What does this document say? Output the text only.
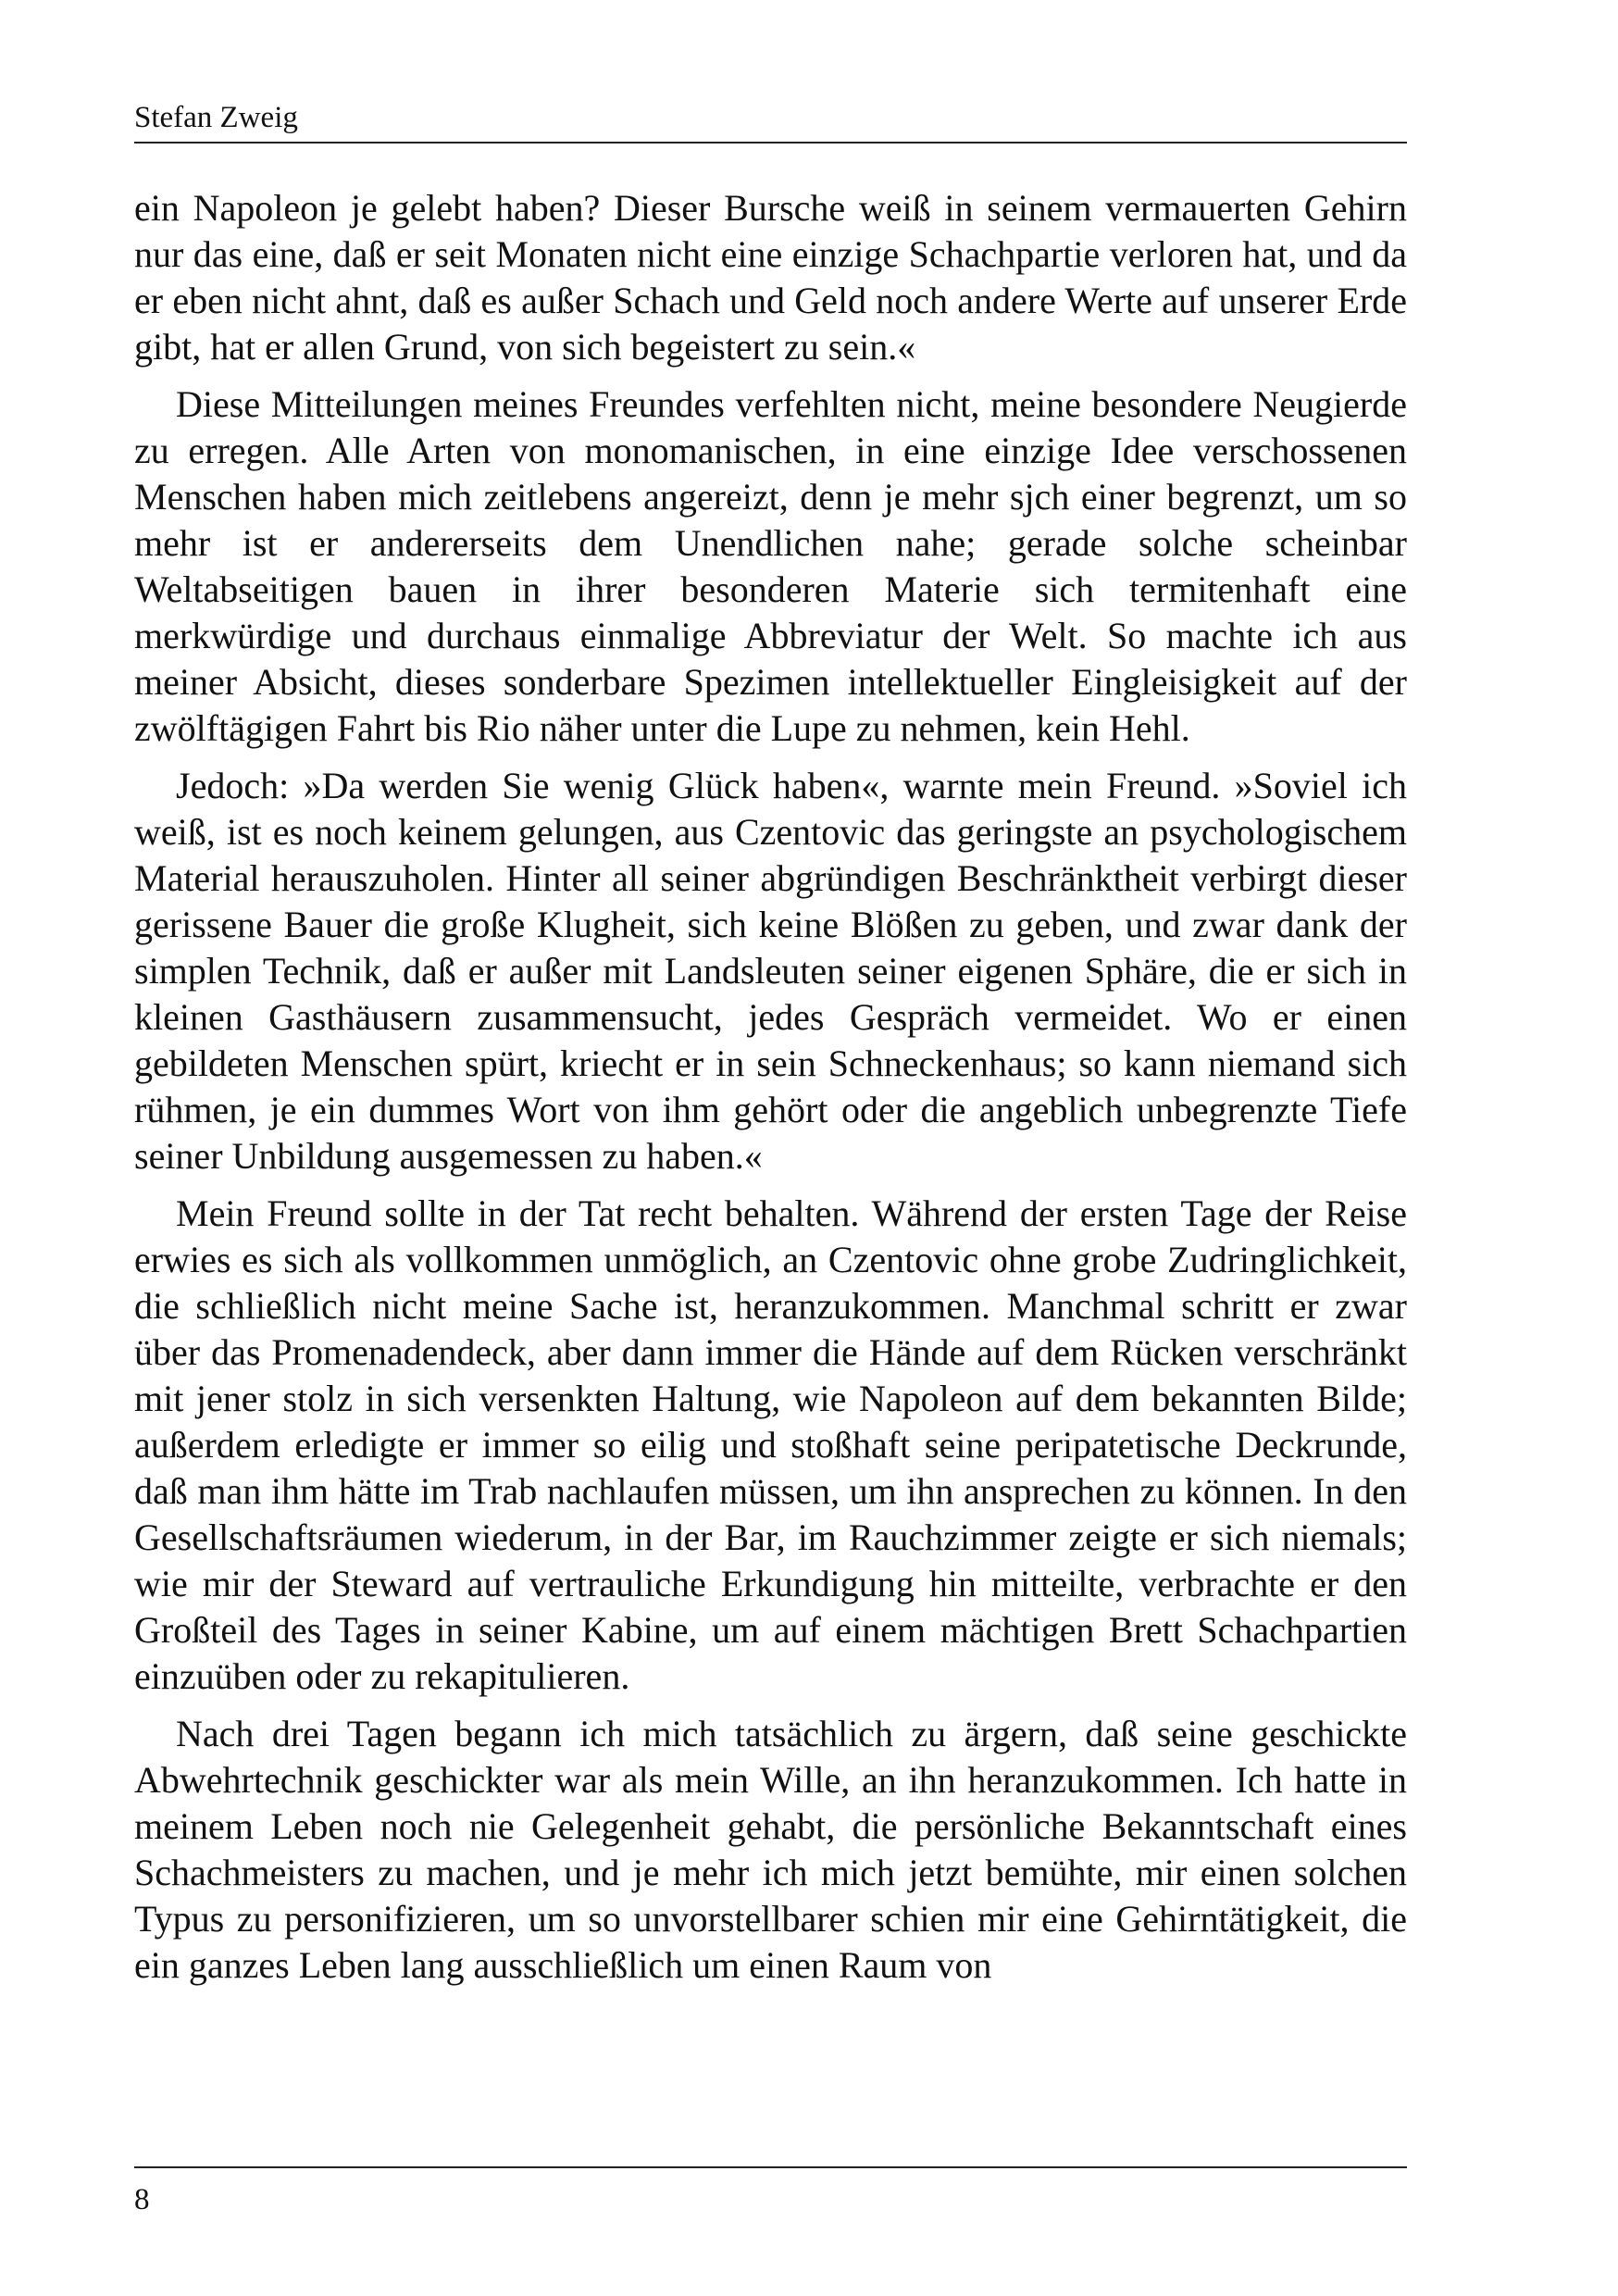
Stefan Zweig

ein Napoleon je gelebt haben? Dieser Bursche weiß in seinem vermauerten Gehirn nur das eine, daß er seit Monaten nicht eine einzige Schachpartie verloren hat, und da er eben nicht ahnt, daß es außer Schach und Geld noch andere Werte auf unserer Erde gibt, hat er allen Grund, von sich begeistert zu sein.«

Diese Mitteilungen meines Freundes verfehlten nicht, meine besondere Neugierde zu erregen. Alle Arten von monomanischen, in eine einzige Idee verschossenen Menschen haben mich zeitlebens angereizt, denn je mehr sjch einer begrenzt, um so mehr ist er andererseits dem Unendlichen nahe; gerade solche scheinbar Weltabseitigen bauen in ihrer besonderen Materie sich termitenhaft eine merkwürdige und durchaus einmalige Abbreviatur der Welt. So machte ich aus meiner Absicht, dieses sonderbare Spezimen intellektueller Eingleisigkeit auf der zwölftägigen Fahrt bis Rio näher unter die Lupe zu nehmen, kein Hehl.

Jedoch: »Da werden Sie wenig Glück haben«, warnte mein Freund. »Soviel ich weiß, ist es noch keinem gelungen, aus Czentovic das geringste an psychologischem Material herauszuholen. Hinter all seiner abgründigen Beschränktheit verbirgt dieser gerissene Bauer die große Klugheit, sich keine Blößen zu geben, und zwar dank der simplen Technik, daß er außer mit Landsleuten seiner eigenen Sphäre, die er sich in kleinen Gasthäusern zusammensucht, jedes Gespräch vermeidet. Wo er einen gebildeten Menschen spürt, kriecht er in sein Schneckenhaus; so kann niemand sich rühmen, je ein dummes Wort von ihm gehört oder die angeblich unbegrenzte Tiefe seiner Unbildung ausgemessen zu haben.«

Mein Freund sollte in der Tat recht behalten. Während der ersten Tage der Reise erwies es sich als vollkommen unmöglich, an Czentovic ohne grobe Zudringlichkeit, die schließlich nicht meine Sache ist, heranzukommen. Manchmal schritt er zwar über das Promenadendeck, aber dann immer die Hände auf dem Rücken verschränkt mit jener stolz in sich versenkten Haltung, wie Napoleon auf dem bekannten Bilde; außerdem erledigte er immer so eilig und stoßhaft seine peripatetische Deckrunde, daß man ihm hätte im Trab nachlaufen müssen, um ihn ansprechen zu können. In den Gesellschaftsräumen wiederum, in der Bar, im Rauchzimmer zeigte er sich niemals; wie mir der Steward auf vertrauliche Erkundigung hin mitteilte, verbrachte er den Großteil des Tages in seiner Kabine, um auf einem mächtigen Brett Schachpartien einzuüben oder zu rekapitulieren.

Nach drei Tagen begann ich mich tatsächlich zu ärgern, daß seine geschickte Abwehrtechnik geschickter war als mein Wille, an ihn heranzukommen. Ich hatte in meinem Leben noch nie Gelegenheit gehabt, die persönliche Bekanntschaft eines Schachmeisters zu machen, und je mehr ich mich jetzt bemühte, mir einen solchen Typus zu personifizieren, um so unvorstellbarer schien mir eine Gehirntätigkeit, die ein ganzes Leben lang ausschließlich um einen Raum von

8
